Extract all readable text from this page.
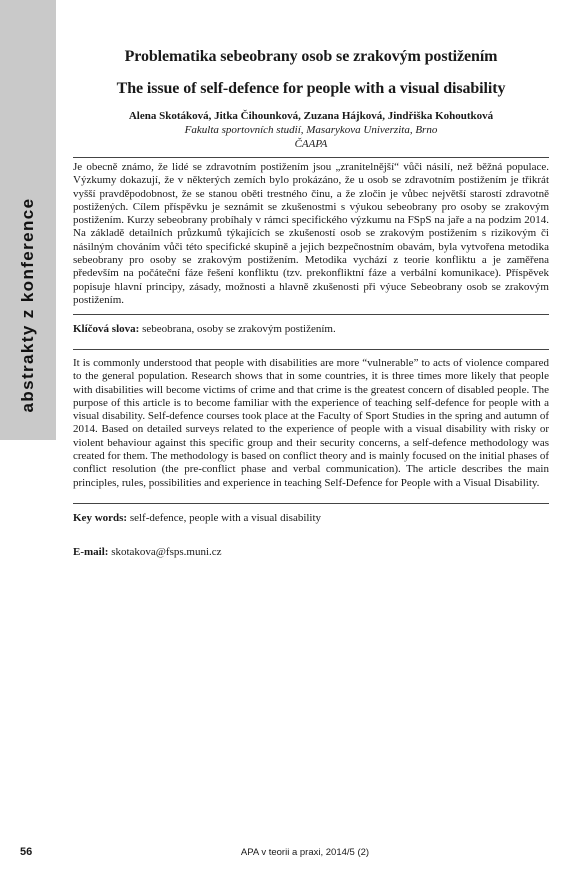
abstrakty z konference
Problematika sebeobrany osob se zrakovým postižením
The issue of self-defence for people with a visual disability
Alena Skotáková, Jitka Čihounková, Zuzana Hájková, Jindřiška Kohoutková
Fakulta sportovních studií, Masarykova Univerzita, Brno
ČAAPA

Je obecně známo, že lidé se zdravotním postižením jsou „zranitelnější“ vůči násilí, než běžná populace. Výzkumy dokazují, že v některých zemích bylo prokázáno, že u osob se zdravotním postižením je třikrát vyšší pravděpodobnost, že se stanou oběti trestného činu, a že zločin je vůbec největší starostí zdravotně postižených. Cílem příspěvku je seznámit se zkušenostmi s výukou sebeobrany pro osoby se zrakovým postižením. Kurzy sebeobrany probíhaly v rámci specifického výzkumu na FSpS na jaře a na podzim 2014. Na základě detailních průzkumů týkajících se zkušeností osob se zrakovým postižením s rizikovým či násilným chováním vůči této specifické skupině a jejich bezpečnostním obavám, byla vytvořena metodika sebeobrany pro osoby se zrakovým postižením. Metodika vychází z teorie konfliktu a je zaměřena především na počáteční fáze řešení konfliktu (tzv. prekonfliktní fáze a verbální komunikace). Příspěvek popisuje hlavní principy, zásady, možnosti a hlavně zkušenosti při výuce Sebeobrany osob se zrakovým postižením.

Klíčová slova: sebeobrana, osoby se zrakovým postižením.

It is commonly understood that people with disabilities are more “vulnerable” to acts of violence compared to the general population. Research shows that in some countries, it is three times more likely that people with disabilities will become victims of crime and that crime is the greatest concern of disabled people. The purpose of this article is to become familiar with the experience of teaching self-defence for people with a visual disability. Self-defence courses took place at the Faculty of Sport Studies in the spring and autumn of 2014. Based on detailed surveys related to the experience of people with a visual disability with risky or violent behaviour against this specific group and their security concerns, a self-defence methodology was created for them. The methodology is based on conflict theory and is mainly focused on the initial phases of conflict resolution (the pre-conflict phase and verbal communication). The article describes the main principles, rules, possibilities and experience in teaching Self-Defence for People with a Visual Disability.

Key words: self-defence, people with a visual disability

E-mail: skotakova@fsps.muni.cz

56	APA v teorii a praxi, 2014/5 (2)
